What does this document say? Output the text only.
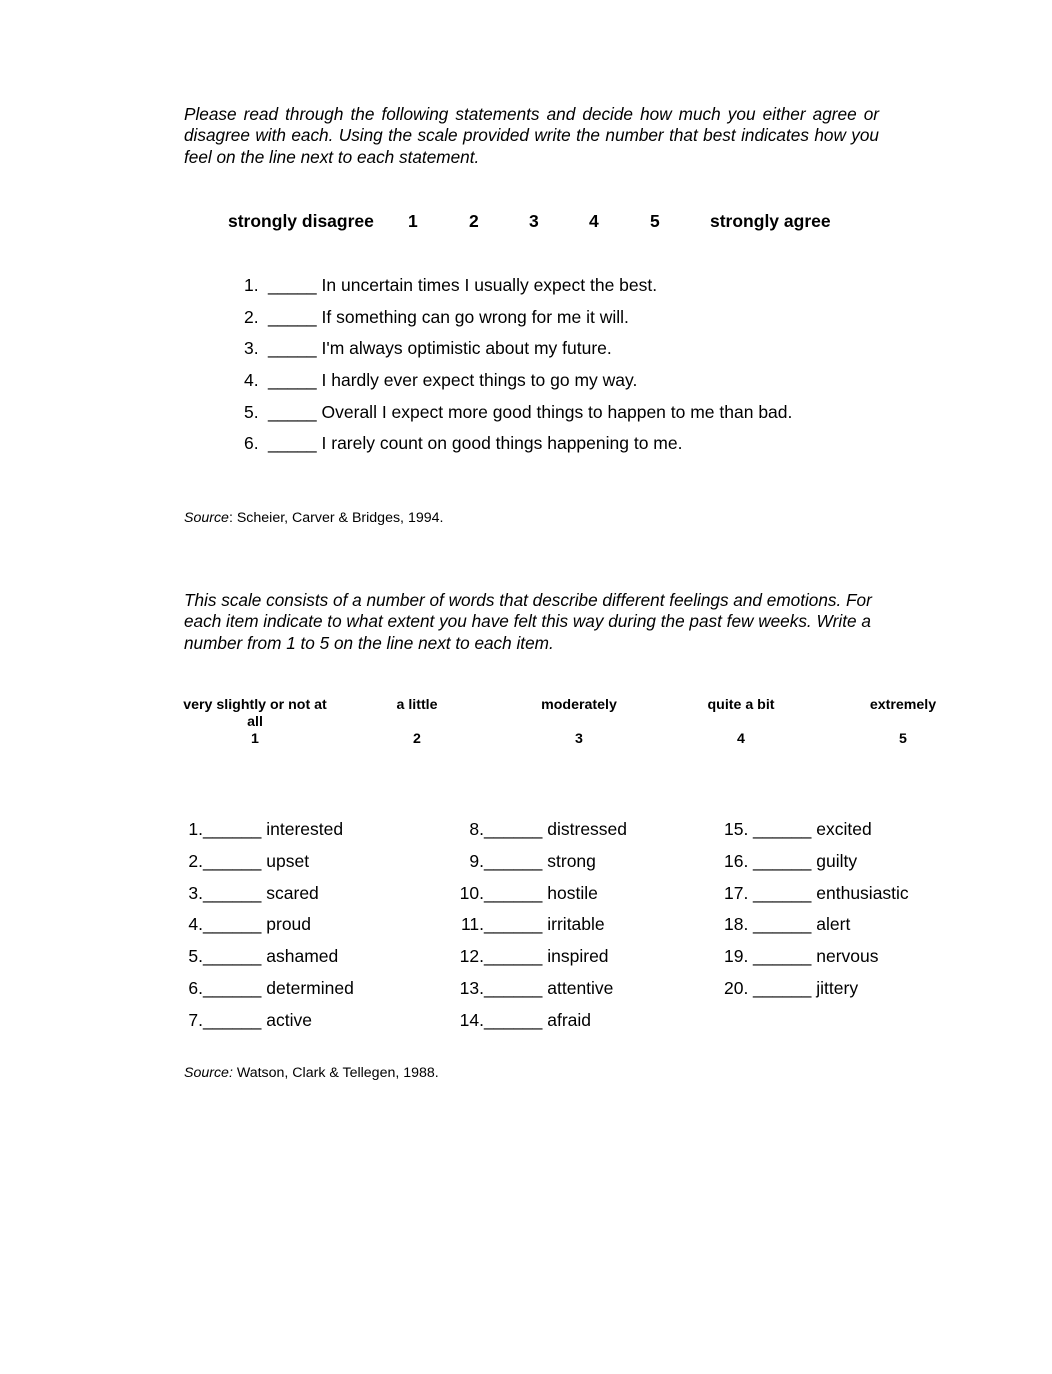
Please read through the following statements and decide how much you either agree or disagree with each. Using the scale provided write the number that best indicates how you feel on the line next to each statement.

strongly disagree 1	2	3	4	5	strongly agree
1. _____ In uncertain times I usually expect the best.
2. _____ If something can go wrong for me it will.
3. _____ I'm always optimistic about my future.
4. _____ I hardly ever expect things to go my way.
5. _____ Overall I expect more good things to happen to me than bad.
6. _____ I rarely count on good things happening to me.
Source: Scheier, Carver & Bridges, 1994.

This scale consists of a number of words that describe different feelings and emotions. For each item indicate to what extent you have felt this way during the past few weeks. Write a number from 1 to 5 on the line next to each item.

very slightly or not at all
1
a little
2
moderately
3
quite a bit
4
extremely
5
1.______ interested
2.______ upset
3.______ scared
4.______ proud
5.______ ashamed
6.______ determined
7.______ active
8.______ distressed
9.______ strong
10.______ hostile
11.______ irritable
12.______ inspired
13.______ attentive
14.______ afraid
15. ______ excited
16. ______ guilty
17. ______ enthusiastic
18. ______ alert
19. ______ nervous
20. ______ jittery
Source: Watson, Clark & Tellegen, 1988.
